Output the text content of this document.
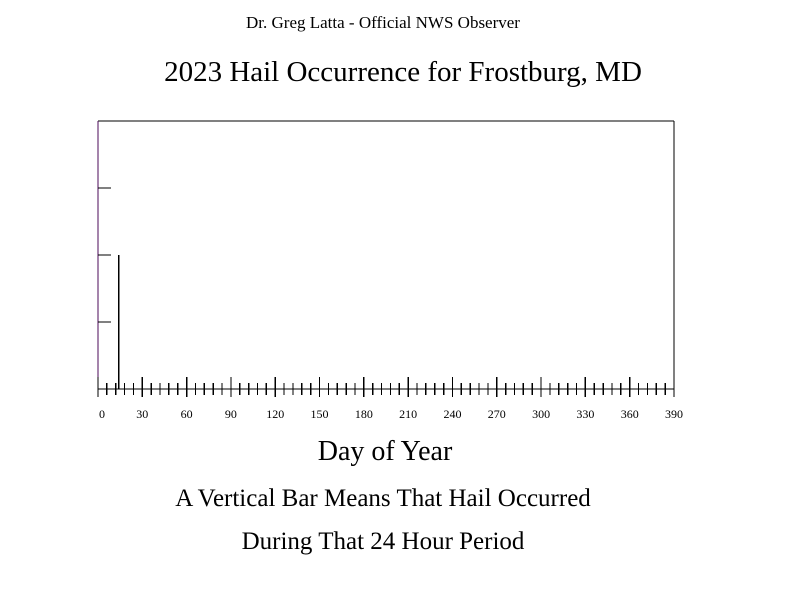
Dr. Greg Latta - Official NWS Observer
2023 Hail Occurrence for Frostburg, MD
0	30	60	90 120 150 180 210 240 270 300 330 360 390
Day of Year
A Vertical Bar Means That Hail Occurred
During That 24 Hour Period
